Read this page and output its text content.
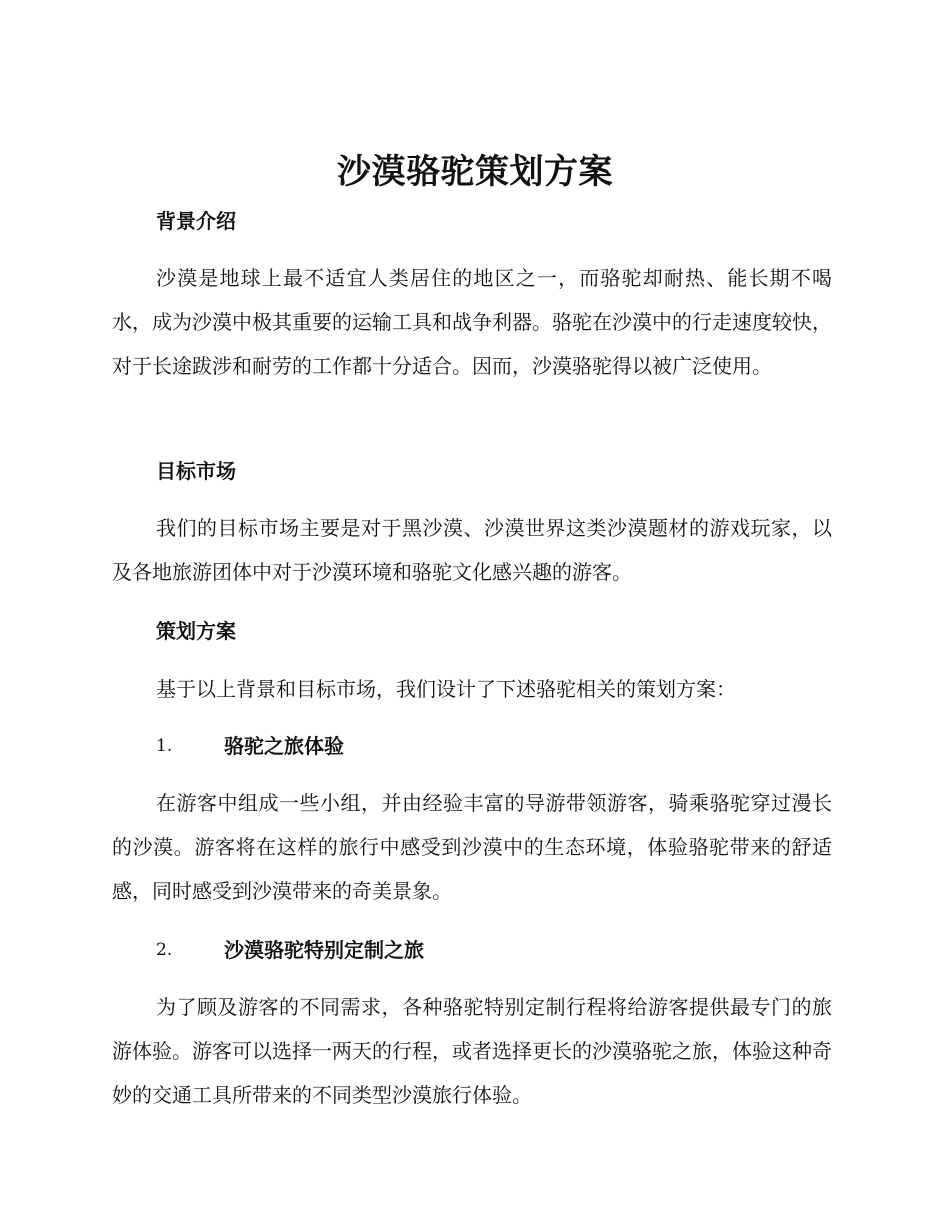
沙漠骆驼策划方案
背景介绍

沙漠是地球上最不适宜人类居住的地区之一，而骆驼却耐热、能长期不喝水，成为沙漠中极其重要的运输工具和战争利器。骆驼在沙漠中的行走速度较快，对于长途跋涉和耐劳的工作都十分适合。因而，沙漠骆驼得以被广泛使用。

目标市场

我们的目标市场主要是对于黑沙漠、沙漠世界这类沙漠题材的游戏玩家，以及各地旅游团体中对于沙漠环境和骆驼文化感兴趣的游客。

策划方案

基于以上背景和目标市场，我们设计了下述骆驼相关的策划方案：

1.	骆驼之旅体验

在游客中组成一些小组，并由经验丰富的导游带领游客，骑乘骆驼穿过漫长的沙漠。游客将在这样的旅行中感受到沙漠中的生态环境，体验骆驼带来的舒适感，同时感受到沙漠带来的奇美景象。

2.	沙漠骆驼特别定制之旅

为了顾及游客的不同需求，各种骆驼特别定制行程将给游客提供最专门的旅游体验。游客可以选择一两天的行程，或者选择更长的沙漠骆驼之旅，体验这种奇妙的交通工具所带来的不同类型沙漠旅行体验。
